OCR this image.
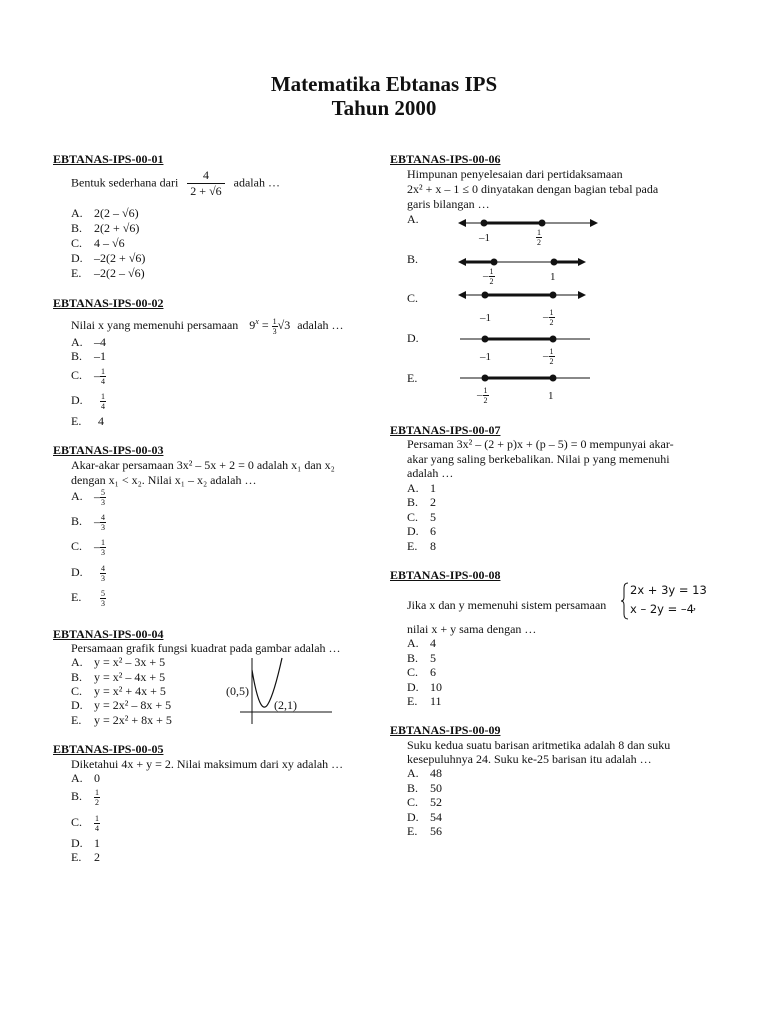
Matematika Ebtanas IPS
Tahun 2000
EBTANAS-IPS-00-01
Bentuk sederhana dari $\frac{4}{2 + √6}$ adalah …
A. 2(2 – √6)
B. 2(2 + √6)
C. 4 – √6
D. –2(2 + √6)
E. –2(2 – √6)
EBTANAS-IPS-00-02
Nilai x yang memenuhi persamaan $9^x = \frac{1}{3} √3$ adalah …
A. –4
B. –1
C. – $\frac{1}{4}$
D. $\frac{1}{4}$
E. 4
EBTANAS-IPS-00-03
Akar-akar persamaan 3x² – 5x + 2 = 0 adalah x₁ dan x₂
dengan x₁ < x₂. Nilai x₁ – x₂ adalah …
A. – $\frac{5}{3}$
B. – $\frac{4}{3}$
C. – $\frac{1}{3}$
D. $\frac{4}{3}$
E. $\frac{5}{3}$
EBTANAS-IPS-00-04
Persamaan grafik fungsi kuadrat pada gambar adalah …
A. y = x² – 3x + 5
B. y = x² – 4x + 5
C. y = x² + 4x + 5
D. y = 2x² – 8x + 5
E. y = 2x² + 8x + 5
(0,5)
(2,1)
EBTANAS-IPS-00-05
Diketahui 4x + y = 2. Nilai maksimum dari xy adalah …
A. 0
B. $\frac{1}{2}$
C. $\frac{1}{4}$
D. 1
E. 2
EBTANAS-IPS-00-06
Himpunan penyelesaian dari pertidaksamaan
2x² + x – 1 ≤ 0 dinyatakan dengan bagian tebal pada
garis bilangan …
A.
–1	$\frac{1}{2}$
B.
– $\frac{1}{2}$	1
C.
–1	– $\frac{1}{2}$
D.
–1	– $\frac{1}{2}$
E.
– $\frac{1}{2}$	1
EBTANAS-IPS-00-07
Persaman 3x² – (2 + p)x + (p – 5) = 0 mempunyai akar-
akar yang saling berkebalikan. Nilai p yang memenuhi
adalah …
A. 1
B. 2
C. 5
D. 6
E. 8
EBTANAS-IPS-00-08
Jika x dan y memenuhi sistem persamaan
2x + 3y = 13
x – 2y = –4
,
nilai x + y sama dengan …
A. 4
B. 5
C. 6
D. 10
E. 11
EBTANAS-IPS-00-09
Suku kedua suatu barisan aritmetika adalah 8 dan suku
kesepuluhnya 24. Suku ke-25 barisan itu adalah …
A. 48
B. 50
C. 52
D. 54
E. 56
